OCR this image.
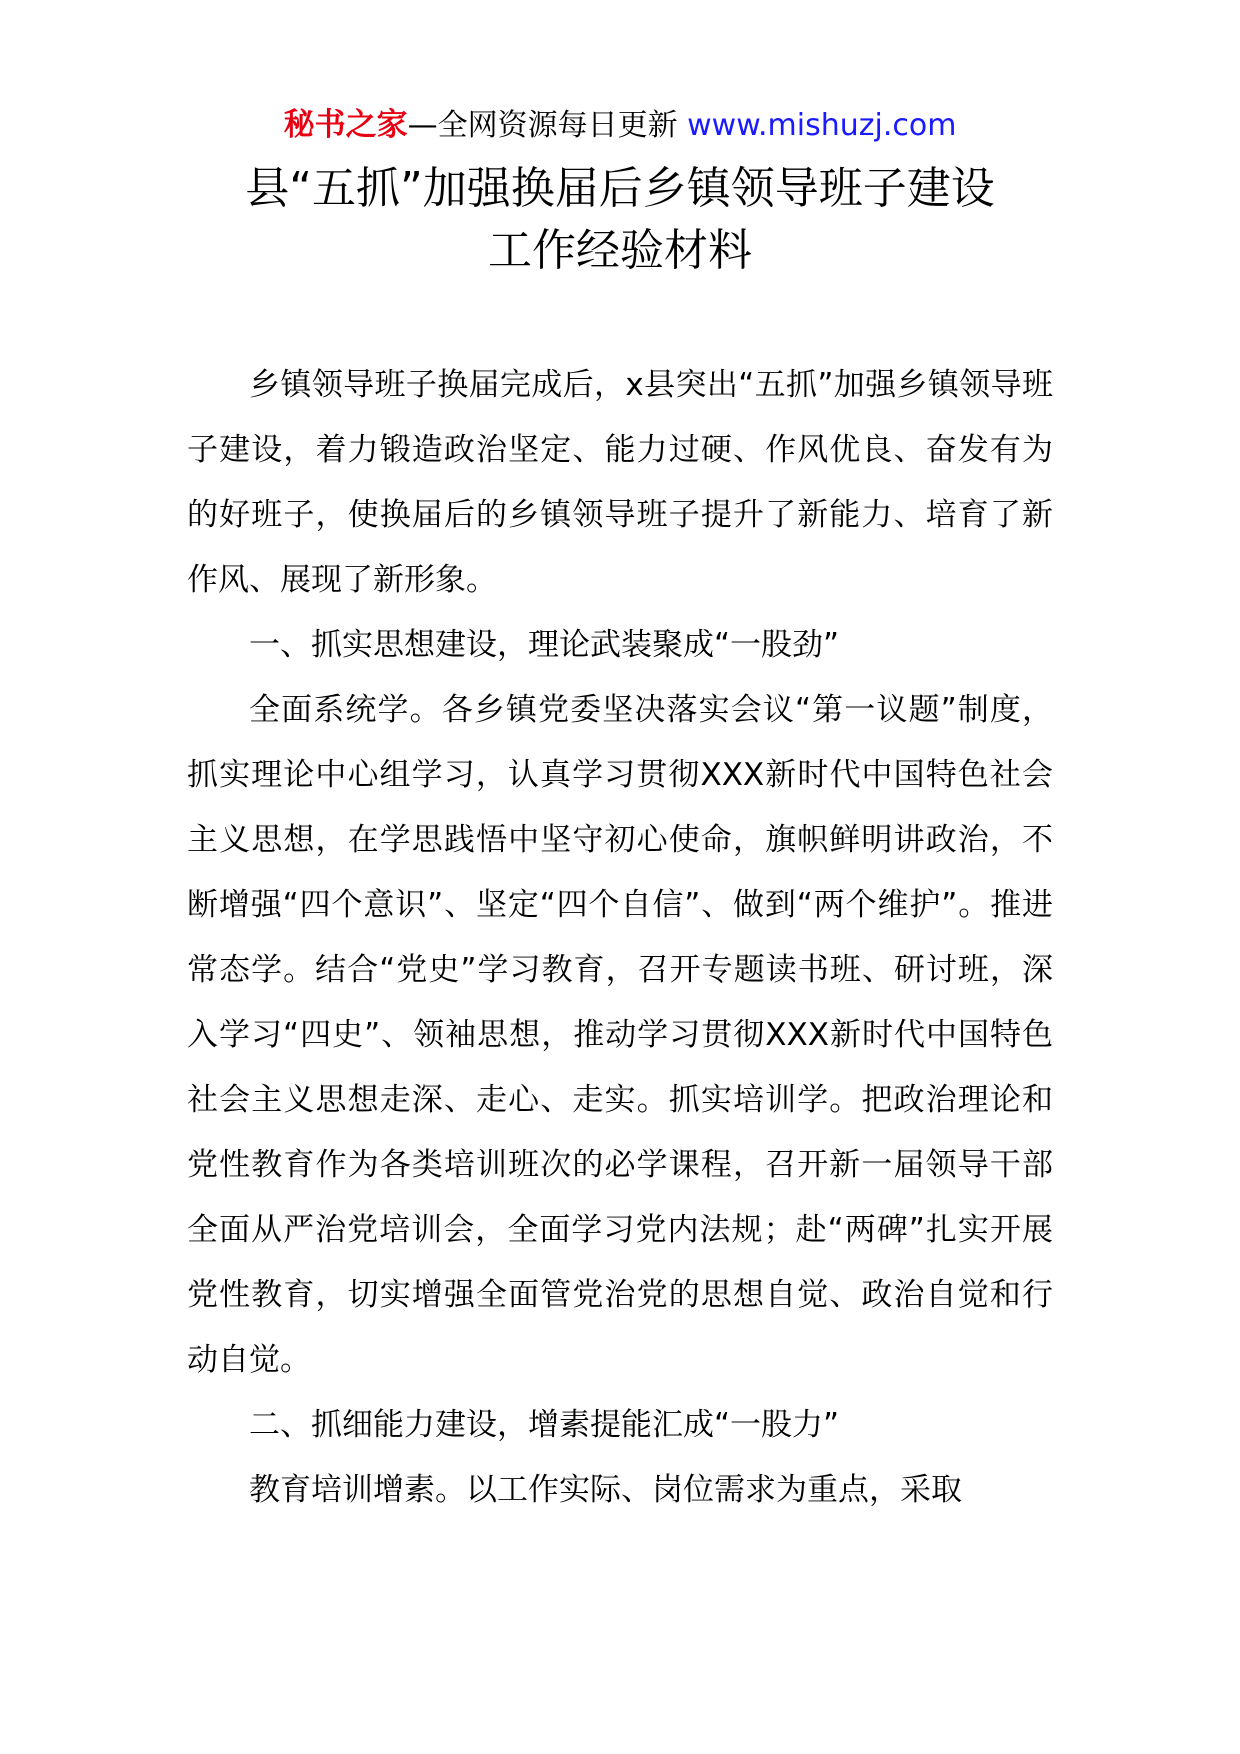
秘书之家—全网资源每日更新 www.mishuzj.com
县“五抓”加强换届后乡镇领导班子建设
工作经验材料

乡镇领导班子换届完成后，x县突出“五抓”加强乡镇领导班子建设，着力锻造政治坚定、能力过硬、作风优良、奋发有为的好班子，使换届后的乡镇领导班子提升了新能力、培育了新作风、展现了新形象。

一、抓实思想建设，理论武装聚成“一股劲”

全面系统学。各乡镇党委坚决落实会议“第一议题”制度，抓实理论中心组学习，认真学习贯彻XXX新时代中国特色社会主义思想，在学思践悟中坚守初心使命，旗帜鲜明讲政治，不断增强“四个意识”、坚定“四个自信”、做到“两个维护”。推进常态学。结合“党史”学习教育，召开专题读书班、研讨班，深入学习“四史”、领袖思想，推动学习贯彻XXX新时代中国特色社会主义思想走深、走心、走实。抓实培训学。把政治理论和党性教育作为各类培训班次的必学课程，召开新一届领导干部全面从严治党培训会，全面学习党内法规；赴“两碑”扎实开展党性教育，切实增强全面管党治党的思想自觉、政治自觉和行动自觉。

二、抓细能力建设，增素提能汇成“一股力”

教育培训增素。以工作实际、岗位需求为重点，采取
